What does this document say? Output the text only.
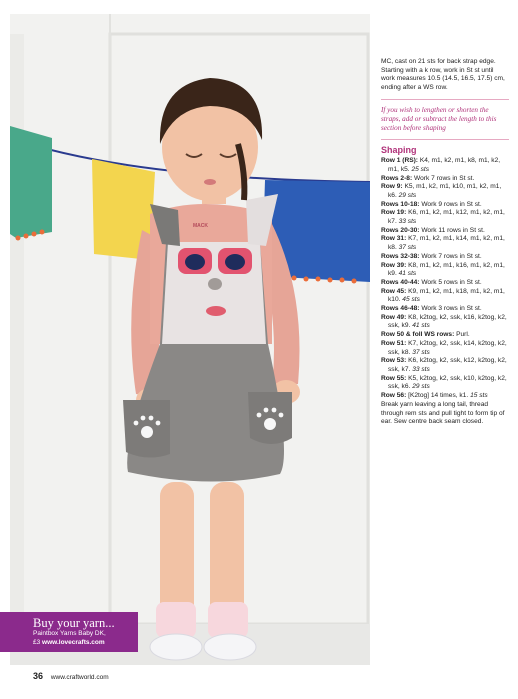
MACK
Buy your yarn...
Paintbox Yarns Baby DK,
£3 www.lovecrafts.com
36 www.craftworld.com

MC, cast on 21 sts for back strap edge. Starting with a k row, work in St st until work measures 10.5 (14.5, 16.5, 17.5) cm, ending after a WS row.

If you wish to lengthen or shorten the straps, add or subtract the length to this section before shaping

Shaping

Row 1 (RS): K4, m1, k2, m1, k8, m1, k2, m1, k5. 25 sts

Rows 2-8: Work 7 rows in St st.

Row 9: K5, m1, k2, m1, k10, m1, k2, m1, k6. 29 sts

Rows 10-18: Work 9 rows in St st.

Row 19: K6, m1, k2, m1, k12, m1, k2, m1, k7. 33 sts

Rows 20-30: Work 11 rows in St st.

Row 31: K7, m1, k2, m1, k14, m1, k2, m1, k8. 37 sts

Rows 32-38: Work 7 rows in St st.

Row 39: K8, m1, k2, m1, k16, m1, k2, m1, k9. 41 sts

Rows 40-44: Work 5 rows in St st.

Row 45: K9, m1, k2, m1, k18, m1, k2, m1, k10. 45 sts

Rows 46-48: Work 3 rows in St st.

Row 49: K8, k2tog, k2, ssk, k16, k2tog, k2, ssk, k9. 41 sts

Row 50 & foll WS rows: Purl.

Row 51: K7, k2tog, k2, ssk, k14, k2tog, k2, ssk, k8. 37 sts

Row 53: K6, k2tog, k2, ssk, k12, k2tog, k2, ssk, k7. 33 sts

Row 55: K5, k2tog, k2, ssk, k10, k2tog, k2, ssk, k6. 29 sts

Row 56: [K2tog] 14 times, k1. 15 sts

Break yarn leaving a long tail, thread through rem sts and pull tight to form tip of ear. Sew centre back seam closed.
